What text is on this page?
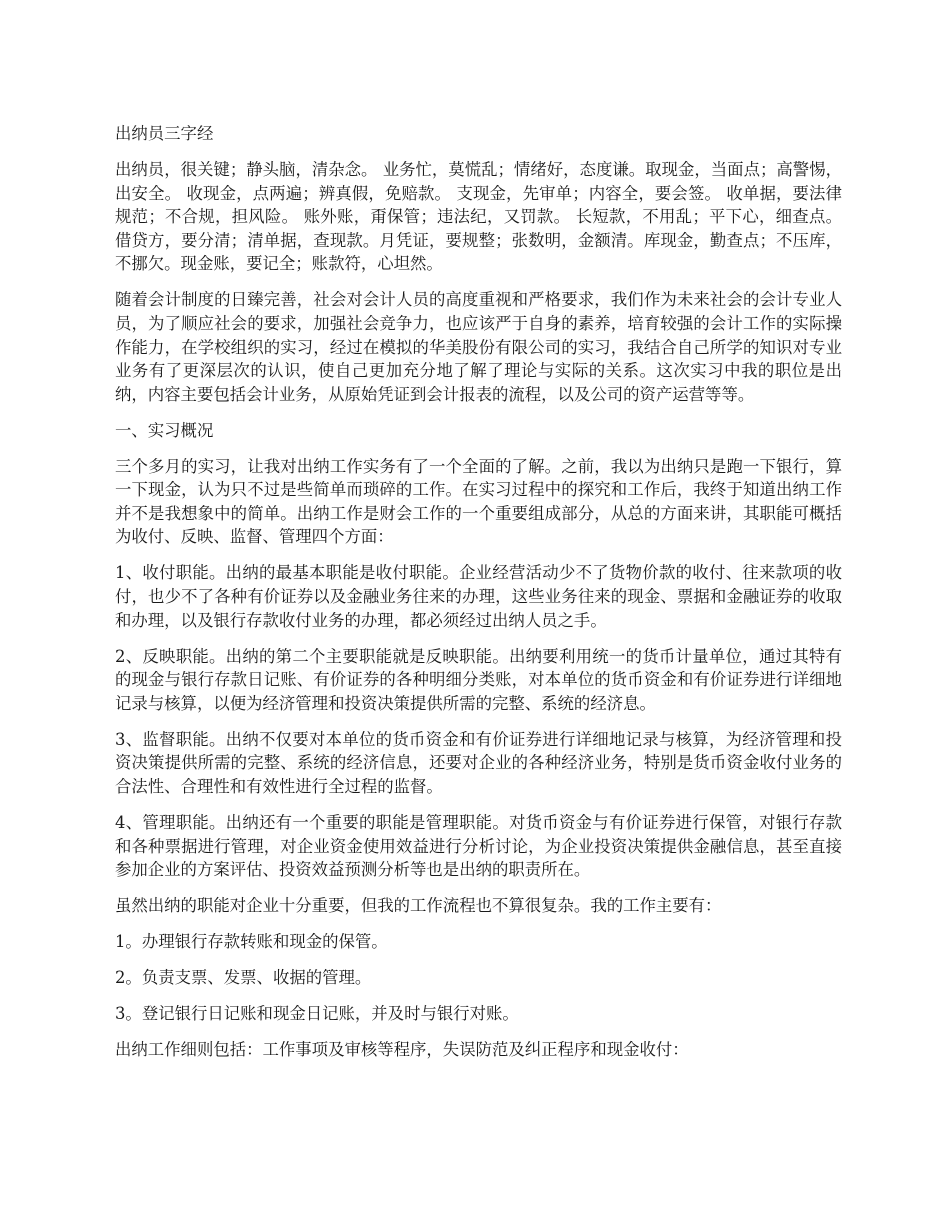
出纳员三字经

出纳员，很关键；静头脑，清杂念。 业务忙，莫慌乱；情绪好，态度谦。取现金，当面点；高警惕，出安全。 收现金，点两遍；辨真假，免赔款。 支现金，先审单；内容全，要会签。 收单据，要法律规范；不合规，担风险。 账外账，甭保管；违法纪，又罚款。 长短款，不用乱；平下心，细查点。借贷方，要分清；清单据，查现款。月凭证，要规整；张数明，金额清。库现金，勤查点；不压库，不挪欠。现金账，要记全；账款符，心坦然。

随着会计制度的日臻完善，社会对会计人员的高度重视和严格要求，我们作为未来社会的会计专业人员，为了顺应社会的要求，加强社会竞争力，也应该严于自身的素养，培育较强的会计工作的实际操作能力，在学校组织的实习，经过在模拟的华美股份有限公司的实习，我结合自己所学的知识对专业业务有了更深层次的认识，使自己更加充分地了解了理论与实际的关系。这次实习中我的职位是出纳，内容主要包括会计业务，从原始凭证到会计报表的流程，以及公司的资产运营等等。

一、实习概况

三个多月的实习，让我对出纳工作实务有了一个全面的了解。之前，我以为出纳只是跑一下银行，算一下现金，认为只不过是些简单而琐碎的工作。在实习过程中的探究和工作后，我终于知道出纳工作并不是我想象中的简单。出纳工作是财会工作的一个重要组成部分，从总的方面来讲，其职能可概括为收付、反映、监督、管理四个方面：

1、收付职能。出纳的最基本职能是收付职能。企业经营活动少不了货物价款的收付、往来款项的收付，也少不了各种有价证券以及金融业务往来的办理，这些业务往来的现金、票据和金融证券的收取和办理，以及银行存款收付业务的办理，都必须经过出纳人员之手。

2、反映职能。出纳的第二个主要职能就是反映职能。出纳要利用统一的货币计量单位，通过其特有的现金与银行存款日记账、有价证券的各种明细分类账，对本单位的货币资金和有价证券进行详细地记录与核算，以便为经济管理和投资决策提供所需的完整、系统的经济息。

3、监督职能。出纳不仅要对本单位的货币资金和有价证券进行详细地记录与核算，为经济管理和投资决策提供所需的完整、系统的经济信息，还要对企业的各种经济业务，特别是货币资金收付业务的合法性、合理性和有效性进行全过程的监督。

4、管理职能。出纳还有一个重要的职能是管理职能。对货币资金与有价证券进行保管，对银行存款和各种票据进行管理，对企业资金使用效益进行分析讨论，为企业投资决策提供金融信息，甚至直接参加企业的方案评估、投资效益预测分析等也是出纳的职责所在。

虽然出纳的职能对企业十分重要，但我的工作流程也不算很复杂。我的工作主要有：

1。办理银行存款转账和现金的保管。

2。负责支票、发票、收据的管理。

3。登记银行日记账和现金日记账，并及时与银行对账。

出纳工作细则包括：工作事项及审核等程序，失误防范及纠正程序和现金收付：
